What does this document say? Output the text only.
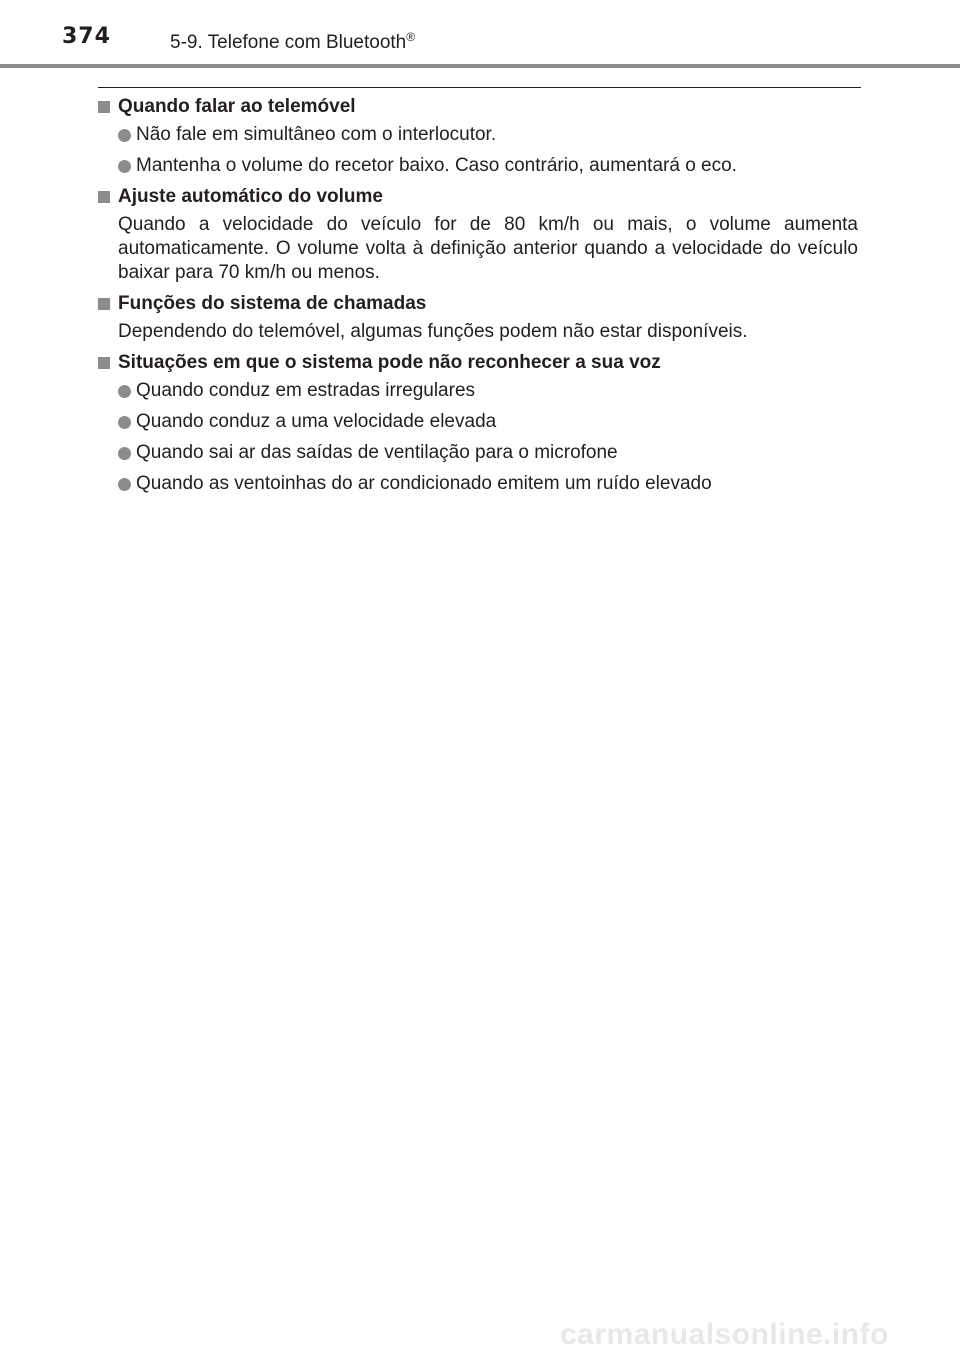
374	5-9. Telefone com Bluetooth®
Quando falar ao telemóvel
Não fale em simultâneo com o interlocutor.
Mantenha o volume do recetor baixo. Caso contrário, aumentará o eco.
Ajuste automático do volume
Quando a velocidade do veículo for de 80 km/h ou mais, o volume aumenta automaticamente. O volume volta à definição anterior quando a velocidade do veículo baixar para 70 km/h ou menos.
Funções do sistema de chamadas
Dependendo do telemóvel, algumas funções podem não estar disponíveis.
Situações em que o sistema pode não reconhecer a sua voz
Quando conduz em estradas irregulares
Quando conduz a uma velocidade elevada
Quando sai ar das saídas de ventilação para o microfone
Quando as ventoinhas do ar condicionado emitem um ruído elevado
carmanualsonline.info
